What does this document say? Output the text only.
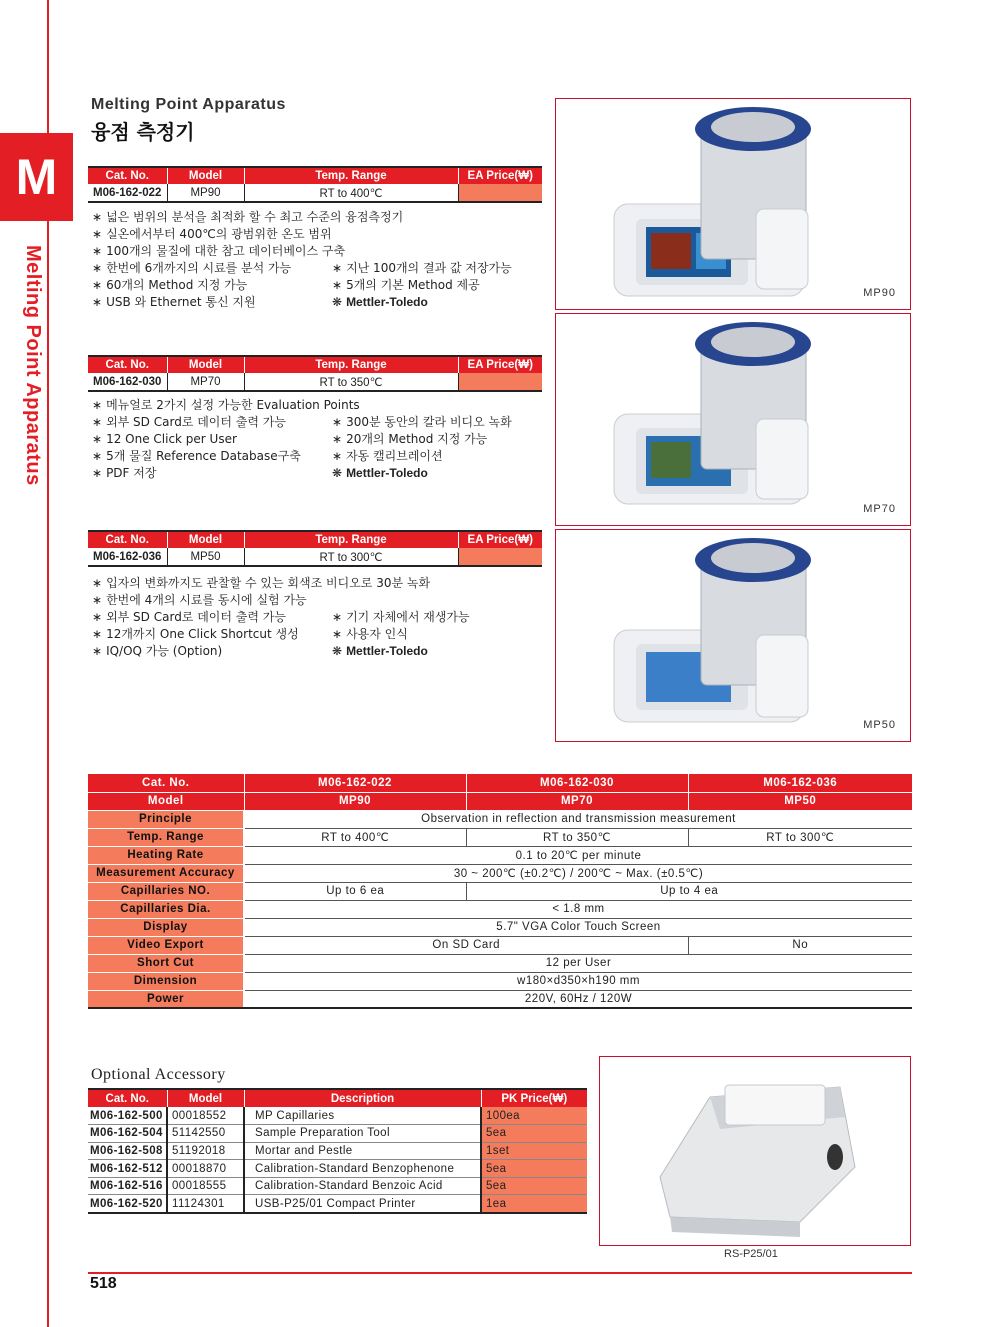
M
Melting Point Apparatus
Melting Point Apparatus
융점 측정기
Cat. No.	Model	Temp. Range	EA Price(₩)
M06-162-022	MP90	RT to 400℃	
∗ 넓은 범위의 분석을 최적화 할 수 최고 수준의 융점측정기
∗ 실온에서부터 400℃의 광범위한 온도 범위
∗ 100개의 물질에 대한 참고 데이터베이스 구축
∗ 한번에 6개까지의 시료를 분석 가능	∗ 지난 100개의 결과 값 저장가능
∗ 60개의 Method 지정 가능	∗ 5개의 기본 Method 제공
∗ USB 와 Ethernet 통신 지원	❋ Mettler-Toledo
Cat. No.	Model	Temp. Range	EA Price(₩)
M06-162-030	MP70	RT to 350℃	
∗ 메뉴얼로 2가지 설정 가능한 Evaluation Points
∗ 외부 SD Card로 데이터 출력 가능	∗ 300분 동안의 칼라 비디오 녹화
∗ 12 One Click per User	∗ 20개의 Method 지정 가능
∗ 5개 물질 Reference Database구축	∗ 자동 캘리브레이션
∗ PDF 저장	❋ Mettler-Toledo
Cat. No.	Model	Temp. Range	EA Price(₩)
M06-162-036	MP50	RT to 300℃	
∗ 입자의 변화까지도 관찰할 수 있는 회색조 비디오로 30분 녹화
∗ 한번에 4개의 시료를 동시에 실험 가능
∗ 외부 SD Card로 데이터 출력 가능	∗ 기기 자체에서 재생가능
∗ 12개까지 One Click Shortcut 생성	∗ 사용자 인식
∗ IQ/OQ 가능 (Option)	❋ Mettler-Toledo
MP90
MP70
MP50
Cat. No.	M06-162-022	M06-162-030	M06-162-036
Model	MP90	MP70	MP50
Principle	Observation in reflection and transmission measurement		
Temp. Range	RT to 400℃	RT to 350℃	RT to 300℃
Heating Rate	0.1 to 20℃ per minute		
Measurement Accuracy	30 ~ 200℃ (±0.2℃) / 200℃ ~ Max. (±0.5℃)		
Capillaries NO.	Up to 6 ea	Up to 4 ea	
Capillaries Dia.	< 1.8 mm		
Display	5.7" VGA Color Touch Screen		
Video Export	On SD Card		No
Short Cut	12 per User		
Dimension	w180×d350×h190 mm		
Power	220V, 60Hz / 120W		
Optional Accessory
Cat. No.	Model	Description	PK Price(₩)
M06-162-500	00018552	MP Capillaries	100ea
M06-162-504	51142550	Sample Preparation Tool	5ea
M06-162-508	51192018	Mortar and Pestle	1set
M06-162-512	00018870	Calibration-Standard Benzophenone	5ea
M06-162-516	00018555	Calibration-Standard Benzoic Acid	5ea
M06-162-520	11124301	USB-P25/01 Compact Printer	1ea
RS-P25/01
518
